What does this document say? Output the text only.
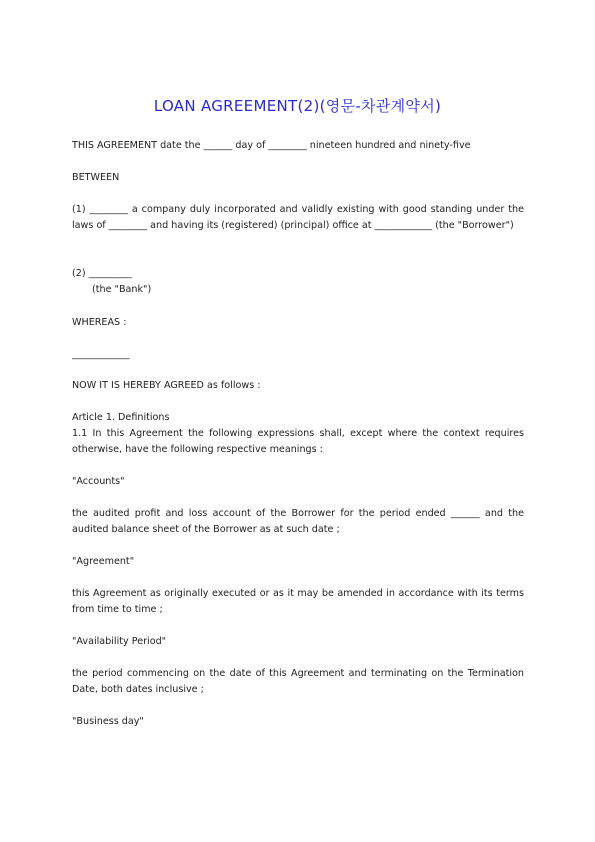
LOAN AGREEMENT(2)(영문-차관계약서)

THIS AGREEMENT date the ______ day of ________ nineteen hundred and ninety-five

BETWEEN

(1) ________ a company duly incorporated and validly existing with good standing under the laws of ________ and having its (registered) (principal) office at ____________ (the "Borrower")

(2) _________

(the "Bank")

WHEREAS :

____________

NOW IT IS HEREBY AGREED as follows :

Article 1. Definitions

1.1 In this Agreement the following expressions shall, except where the context requires otherwise, have the following respective meanings :

"Accounts"

the audited profit and loss account of the Borrower for the period ended ______ and the audited balance sheet of the Borrower as at such date ;

"Agreement"

this Agreement as originally executed or as it may be amended in accordance with its terms from time to time ;

"Availability Period"

the period commencing on the date of this Agreement and terminating on the Termination Date, both dates inclusive ;

"Business day"
